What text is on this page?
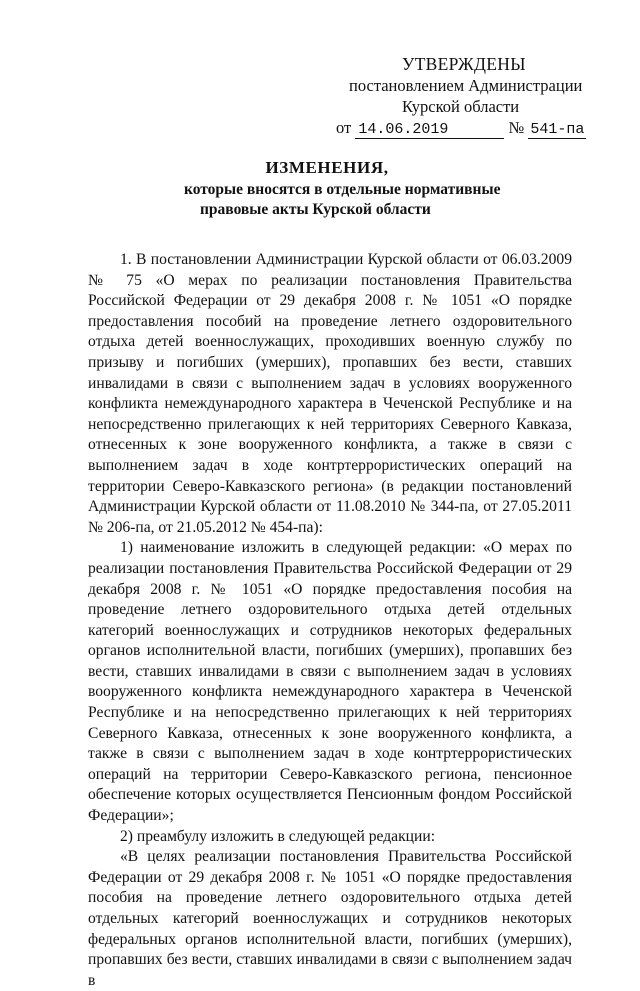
УТВЕРЖДЕНЫ
постановлением Администрации
Курской области
от 14.06.2019	№ 541-па
ИЗМЕНЕНИЯ,
которые вносятся в отдельные нормативные
правовые акты Курской области

1. В постановлении Администрации Курской области от 06.03.2009 № 75 «О мерах по реализации постановления Правительства Российской Федерации от 29 декабря 2008 г. № 1051 «О порядке предоставления пособий на проведение летнего оздоровительного отдыха детей военнослужащих, проходивших военную службу по призыву и погибших (умерших), пропавших без вести, ставших инвалидами в связи с выполнением задач в условиях вооруженного конфликта немеждународного характера в Чеченской Республике и на непосредственно прилегающих к ней территориях Северного Кавказа, отнесенных к зоне вооруженного конфликта, а также в связи с выполнением задач в ходе контртеррористических операций на территории Северо-Кавказского региона» (в редакции постановлений Администрации Курской области от 11.08.2010 № 344-па, от 27.05.2011 № 206-па, от 21.05.2012 № 454-па):

1) наименование изложить в следующей редакции: «О мерах по реализации постановления Правительства Российской Федерации от 29 декабря 2008 г. № 1051 «О порядке предоставления пособия на проведение летнего оздоровительного отдыха детей отдельных категорий военнослужащих и сотрудников некоторых федеральных органов исполнительной власти, погибших (умерших), пропавших без вести, ставших инвалидами в связи с выполнением задач в условиях вооруженного конфликта немеждународного характера в Чеченской Республике и на непосредственно прилегающих к ней территориях Северного Кавказа, отнесенных к зоне вооруженного конфликта, а также в связи с выполнением задач в ходе контртеррористических операций на территории Северо-Кавказского региона, пенсионное обеспечение которых осуществляется Пенсионным фондом Российской Федерации»;

2) преамбулу изложить в следующей редакции:

«В целях реализации постановления Правительства Российской Федерации от 29 декабря 2008 г. № 1051 «О порядке предоставления пособия на проведение летнего оздоровительного отдыха детей отдельных категорий военнослужащих и сотрудников некоторых федеральных органов исполнительной власти, погибших (умерших), пропавших без вести, ставших инвалидами в связи с выполнением задач в
